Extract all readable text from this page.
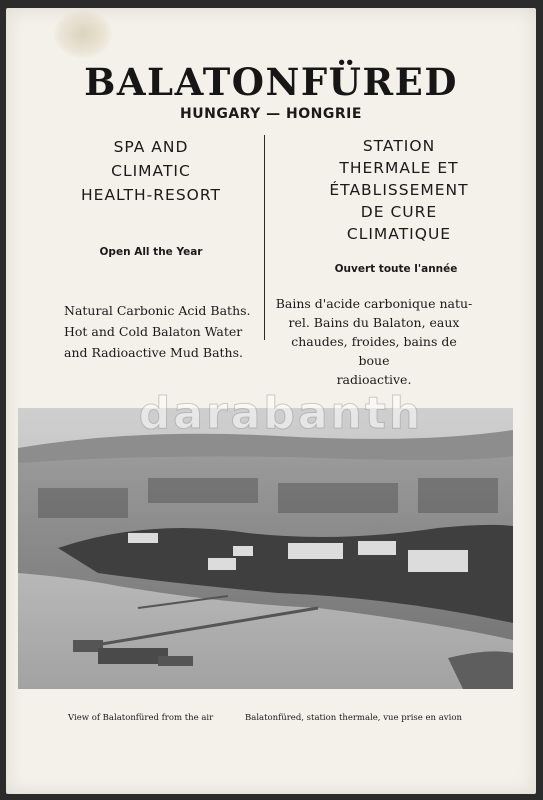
BALATONFÜRED
HUNGARY — HONGRIE
SPA AND
CLIMATIC
HEALTH-RESORT
STATION
THERMALE ET
ÉTABLISSEMENT
DE CURE
CLIMATIQUE
Open All the Year
Ouvert toute l'année
Natural Carbonic Acid Baths.
Hot and Cold Balaton Water
and Radioactive Mud Baths.
Bains d'acide carbonique natu-
rel. Bains du Balaton, eaux
chaudes, froides, bains de boue
radioactive.
darabanth
View of Balatonfüred from the air	Balatonfüred, station thermale, vue prise en avion
